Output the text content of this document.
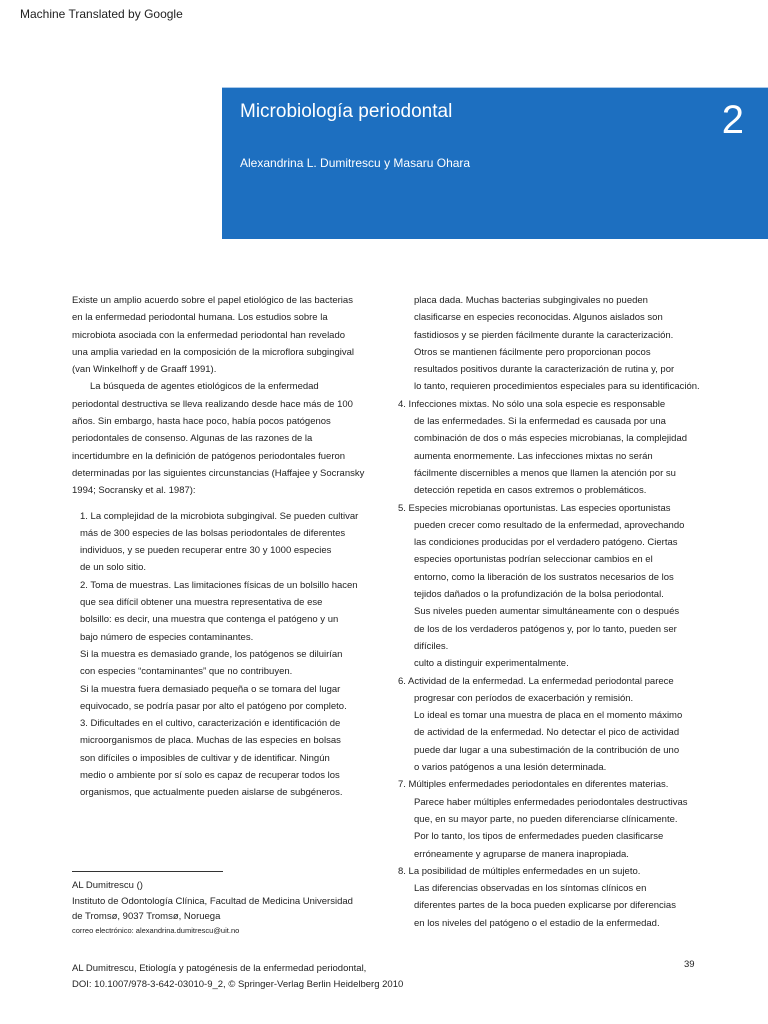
Machine Translated by Google
Microbiología periodontal	2
Alexandrina L. Dumitrescu y Masaru Ohara
Existe un amplio acuerdo sobre el papel etiológico de las bacterias
en la enfermedad periodontal humana. Los estudios sobre la
microbiota asociada con la enfermedad periodontal han revelado
una amplia variedad en la composición de la microflora subgingival
(van Winkelhoff y de Graaff 1991).
La búsqueda de agentes etiológicos de la enfermedad
periodontal destructiva se lleva realizando desde hace más de 100
años. Sin embargo, hasta hace poco, había pocos patógenos
periodontales de consenso. Algunas de las razones de la
incertidumbre en la definición de patógenos periodontales fueron
determinadas por las siguientes circunstancias (Haffajee y Socransky
1994; Socransky et al. 1987):
1. La complejidad de la microbiota subgingival. Se pueden cultivar
más de 300 especies de las bolsas periodontales de diferentes
individuos, y se pueden recuperar entre 30 y 1000 especies
de un solo sitio.
2. Toma de muestras. Las limitaciones físicas de un bolsillo hacen
que sea difícil obtener una muestra representativa de ese
bolsillo: es decir, una muestra que contenga el patógeno y un
bajo número de especies contaminantes.
Si la muestra es demasiado grande, los patógenos se diluirían
con especies “contaminantes” que no contribuyen.
Si la muestra fuera demasiado pequeña o se tomara del lugar
equivocado, se podría pasar por alto el patógeno por completo.
3. Dificultades en el cultivo, caracterización e identificación de
microorganismos de placa. Muchas de las especies en bolsas
son difíciles o imposibles de cultivar y de identificar. Ningún
medio o ambiente por sí solo es capaz de recuperar todos los
organismos, que actualmente pueden aislarse de subgéneros.
placa dada. Muchas bacterias subgingivales no pueden
clasificarse en especies reconocidas. Algunos aislados son
fastidiosos y se pierden fácilmente durante la caracterización.
Otros se mantienen fácilmente pero proporcionan pocos
resultados positivos durante la caracterización de rutina y, por
lo tanto, requieren procedimientos especiales para su identificación.
4. Infecciones mixtas. No sólo una sola especie es responsable
de las enfermedades. Si la enfermedad es causada por una
combinación de dos o más especies microbianas, la complejidad
aumenta enormemente. Las infecciones mixtas no serán
fácilmente discernibles a menos que llamen la atención por su
detección repetida en casos extremos o problemáticos.
5. Especies microbianas oportunistas. Las especies oportunistas
pueden crecer como resultado de la enfermedad, aprovechando
las condiciones producidas por el verdadero patógeno. Ciertas
especies oportunistas podrían seleccionar cambios en el
entorno, como la liberación de los sustratos necesarios de los
tejidos dañados o la profundización de la bolsa periodontal.
Sus niveles pueden aumentar simultáneamente con o después
de los de los verdaderos patógenos y, por lo tanto, pueden ser
difíciles.
culto a distinguir experimentalmente.
6. Actividad de la enfermedad. La enfermedad periodontal parece
progresar con períodos de exacerbación y remisión.
Lo ideal es tomar una muestra de placa en el momento máximo
de actividad de la enfermedad. No detectar el pico de actividad
puede dar lugar a una subestimación de la contribución de uno
o varios patógenos a una lesión determinada.
7. Múltiples enfermedades periodontales en diferentes materias.
Parece haber múltiples enfermedades periodontales destructivas
que, en su mayor parte, no pueden diferenciarse clínicamente.
Por lo tanto, los tipos de enfermedades pueden clasificarse
erróneamente y agruparse de manera inapropiada.
8. La posibilidad de múltiples enfermedades en un sujeto.
Las diferencias observadas en los síntomas clínicos en
diferentes partes de la boca pueden explicarse por diferencias
en los niveles del patógeno o el estadio de la enfermedad.
AL Dumitrescu ()
Instituto de Odontología Clínica, Facultad de Medicina Universidad
de Tromsø, 9037 Tromsø, Noruega
correo electrónico: alexandrina.dumitrescu@uit.no
AL Dumitrescu, Etiología y patogénesis de la enfermedad periodontal,
DOI: 10.1007/978-3-642-03010-9_2, © Springer-Verlag Berlin Heidelberg 2010
39
